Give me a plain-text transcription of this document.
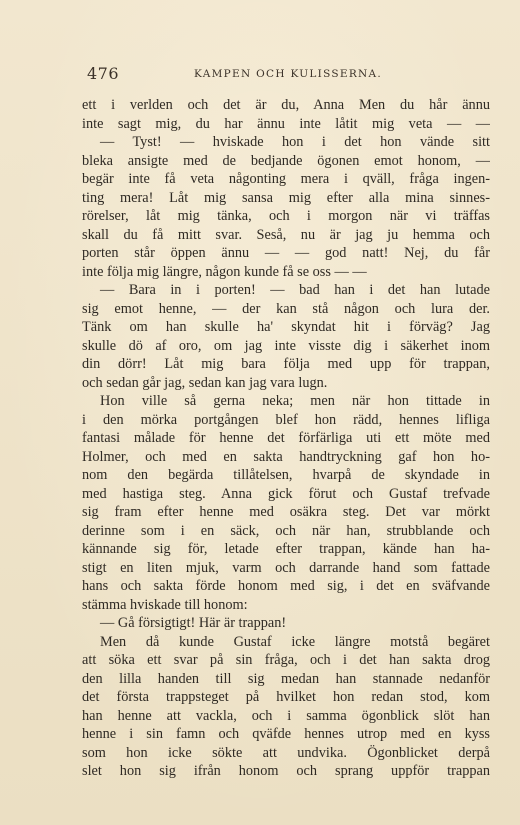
476	KAMPEN OCH KULISSERNA.
ett i verlden och det är du, Anna Men du hår ännu
inte sagt mig, du har ännu inte låtit mig veta — —
— Tyst! — hviskade hon i det hon vände sitt
bleka ansigte med de bedjande ögonen emot honom, —
begär inte få veta någonting mera i qväll, fråga ingen-
ting mera! Låt mig sansa mig efter alla mina sinnes-
rörelser, låt mig tänka, och i morgon när vi träffas
skall du få mitt svar. Seså, nu är jag ju hemma och
porten står öppen ännu — — god natt! Nej, du får
inte följa mig längre, någon kunde få se oss — —
— Bara in i porten! — bad han i det han lutade
sig emot henne, — der kan stå någon och lura der.
Tänk om han skulle ha' skyndat hit i förväg? Jag
skulle dö af oro, om jag inte visste dig i säkerhet inom
din dörr! Låt mig bara följa med upp för trappan,
och sedan går jag, sedan kan jag vara lugn.
Hon ville så gerna neka; men när hon tittade in
i den mörka portgången blef hon rädd, hennes lifliga
fantasi målade för henne det förfärliga uti ett möte med
Holmer, och med en sakta handtryckning gaf hon ho-
nom den begärda tillåtelsen, hvarpå de skyndade in
med hastiga steg. Anna gick förut och Gustaf trefvade
sig fram efter henne med osäkra steg. Det var mörkt
derinne som i en säck, och när han, strubblande och
kännande sig för, letade efter trappan, kände han ha-
stigt en liten mjuk, varm och darrande hand som fattade
hans och sakta förde honom med sig, i det en sväfvande
stämma hviskade till honom:
— Gå försigtigt! Här är trappan!
Men då kunde Gustaf icke längre motstå begäret
att söka ett svar på sin fråga, och i det han sakta drog
den lilla handen till sig medan han stannade nedanför
det första trappsteget på hvilket hon redan stod, kom
han henne att vackla, och i samma ögonblick slöt han
henne i sin famn och qväfde hennes utrop med en kyss
som hon icke sökte att undvika. Ögonblicket derpå
slet hon sig ifrån honom och sprang uppför trappan
